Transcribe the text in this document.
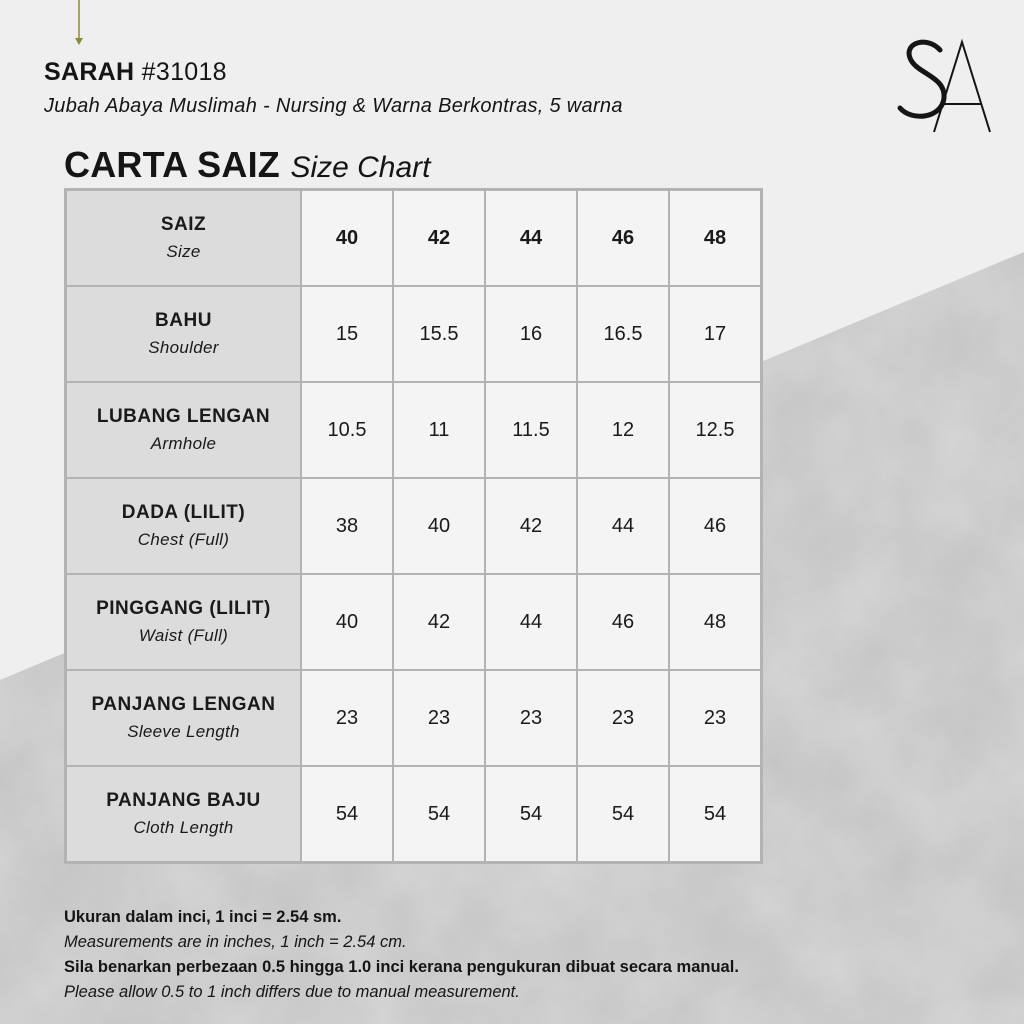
SARAH #31018
Jubah Abaya Muslimah - Nursing & Warna Berkontras, 5 warna
CARTA SAIZ Size Chart
SAIZ
Size	40	42	44	46	48

BAHU
Shoulder	15	15.5	16	16.5	17

LUBANG LENGAN
Armhole	10.5	11	11.5	12	12.5

DADA (LILIT)
Chest (Full)	38	40	42	44	46

PINGGANG (LILIT)
Waist (Full)	40	42	44	46	48

PANJANG LENGAN
Sleeve Length	23	23	23	23	23

PANJANG BAJU
Cloth Length	54	54	54	54	54
Ukuran dalam inci, 1 inci = 2.54 sm.
Measurements are in inches, 1 inch = 2.54 cm.
Sila benarkan perbezaan 0.5 hingga 1.0 inci kerana pengukuran dibuat secara manual.
Please allow 0.5 to 1 inch differs due to manual measurement.
